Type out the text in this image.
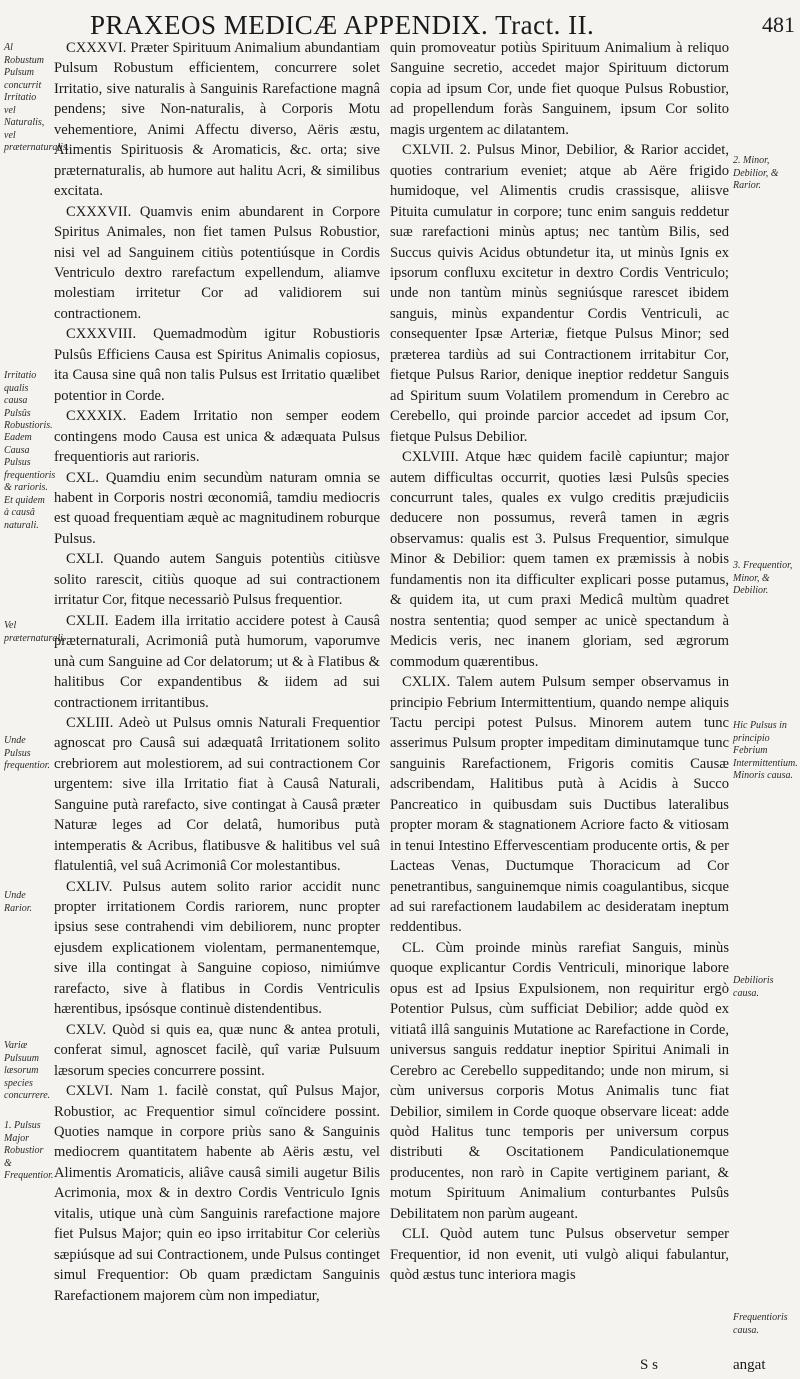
PRAXEOS MEDICÆ APPENDIX. Tract. II.	481
Al Robustum Pulsum concurrit Irritatio vel Naturalis, vel præternaturalis.
Irritatio qualis causa Pulsûs Robustioris.
Eadem Causa Pulsus frequentioris & rarioris. Et quidem à causâ naturali.
Vel præternaturali.
Unde Pulsus frequentior.
Unde Rarior.
Variæ Pulsuum læsorum species concurrere.
1. Pulsus Major Robustior & Frequentior.

CXXXVI. Præter Spirituum Animalium abundantiam Pulsum Robustum efficientem, concurrere solet Irritatio, sive naturalis à Sanguinis Rarefactione magnâ pendens; sive Non-naturalis, à Corporis Motu vehementiore, Animi Affectu diverso, Aëris æstu, Alimentis Spirituosis & Aromaticis, &c. orta; sive præternaturalis, ab humore aut halitu Acri, & similibus excitata.

CXXXVII. Quamvis enim abundarent in Corpore Spiritus Animales, non fiet tamen Pulsus Robustior, nisi vel ad Sanguinem citiùs potentiúsque in Cordis Ventriculo dextro rarefactum expellendum, aliamve molestiam irritetur Cor ad validiorem sui contractionem.

CXXXVIII. Quemadmodùm igitur Robustioris Pulsûs Efficiens Causa est Spiritus Animalis copiosus, ita Causa sine quâ non talis Pulsus est Irritatio quælibet potentior in Corde.

CXXXIX. Eadem Irritatio non semper eodem contingens modo Causa est unica & adæquata Pulsus frequentioris aut rarioris.

CXL. Quamdiu enim secundùm naturam omnia se habent in Corporis nostri œconomiâ, tamdiu mediocris est quoad frequentiam æquè ac magnitudinem roburque Pulsus.

CXLI. Quando autem Sanguis potentiùs citiùsve solito rarescit, citiùs quoque ad sui contractionem irritatur Cor, fitque necessariò Pulsus frequentior.

CXLII. Eadem illa irritatio accidere potest à Causâ præternaturali, Acrimoniâ putà humorum, vaporumve unà cum Sanguine ad Cor delatorum; ut & à Flatibus & halitibus Cor expandentibus & iidem ad sui contractionem irritantibus.

CXLIII. Adeò ut Pulsus omnis Naturali Frequentior agnoscat pro Causâ sui adæquatâ Irritationem solito crebriorem aut molestiorem, ad sui contractionem Cor urgentem: sive illa Irritatio fiat à Causâ Naturali, Sanguine putà rarefacto, sive contingat à Causâ præter Naturæ leges ad Cor delatâ, humoribus putà intemperatis & Acribus, flatibusve & halitibus vel suâ flatulentiâ, vel suâ Acrimoniâ Cor molestantibus.

CXLIV. Pulsus autem solito rarior accidit nunc propter irritationem Cordis rariorem, nunc propter ipsius sese contrahendi vim debiliorem, nunc propter ejusdem explicationem violentam, permanentemque, sive illa contingat à Sanguine copioso, nimiúmve rarefacto, sive à flatibus in Cordis Ventriculis hærentibus, ipsósque continuè distendentibus.

CXLV. Quòd si quis ea, quæ nunc & antea protuli, conferat simul, agnoscet facilè, quî variæ Pulsuum læsorum species concurrere possint.

CXLVI. Nam 1. facilè constat, quî Pulsus Major, Robustior, ac Frequentior simul coïncidere possint. Quoties namque in corpore priùs sano & Sanguinis mediocrem quantitatem habente ab Aëris æstu, vel Alimentis Aromaticis, aliâve causâ simili augetur Bilis Acrimonia, mox & in dextro Cordis Ventriculo Ignis vitalis, utique unà cùm Sanguinis rarefactione majore fiet Pulsus Major; quin eo ipso irritabitur Cor celeriùs sæpiúsque ad sui Contractionem, unde Pulsus continget simul Frequentior: Ob quam prædictam Sanguinis Rarefactionem majorem cùm non impediatur,

quin promoveatur potiùs Spirituum Animalium à reliquo Sanguine secretio, accedet major Spirituum dictorum copia ad ipsum Cor, unde fiet quoque Pulsus Robustior, ad propellendum foràs Sanguinem, ipsum Cor solito magis urgentem ac dilatantem.

CXLVII. 2. Pulsus Minor, Debilior, & Rarior accidet, quoties contrarium eveniet; atque ab Aëre frigido humidoque, vel Alimentis crudis crassisque, aliisve Pituita cumulatur in corpore; tunc enim sanguis reddetur suæ rarefactioni minùs aptus; nec tantùm Bilis, sed Succus quivis Acidus obtundetur ita, ut minùs Ignis ex ipsorum confluxu excitetur in dextro Cordis Ventriculo; unde non tantùm minùs segniúsque rarescet ibidem sanguis, minùs expandentur Cordis Ventriculi, ac consequenter Ipsæ Arteriæ, fietque Pulsus Minor; sed præterea tardiùs ad sui Contractionem irritabitur Cor, fietque Pulsus Rarior, denique ineptior reddetur Sanguis ad Spiritum suum Volatilem promendum in Cerebro ac Cerebello, qui proinde parcior accedet ad ipsum Cor, fietque Pulsus Debilior.

CXLVIII. Atque hæc quidem facilè capiuntur; major autem difficultas occurrit, quoties læsi Pulsûs species concurrunt tales, quales ex vulgo creditis præjudiciis deducere non possumus, reverâ tamen in ægris observamus: qualis est 3. Pulsus Frequentior, simulque Minor & Debilior: quem tamen ex præmissis à nobis fundamentis non ita difficulter explicari posse putamus, & quidem ita, ut cum praxi Medicâ multùm quadret nostra sententia; quod semper ac unicè spectandum à Medicis veris, nec inanem gloriam, sed ægrorum commodum quærentibus.

CXLIX. Talem autem Pulsum semper observamus in principio Febrium Intermittentium, quando nempe aliquis Tactu percipi potest Pulsus. Minorem autem tunc asserimus Pulsum propter impeditam diminutamque tunc sanguinis Rarefactionem, Frigoris comitis Causæ adscribendam, Halitibus putà à Acidis à Succo Pancreatico in quibusdam suis Ductibus lateralibus propter moram & stagnationem Acriore facto & vitiosam in tenui Intestino Effervescentiam producente ortis, & per Lacteas Venas, Ductumque Thoracicum ad Cor penetrantibus, sanguinemque nimis coagulantibus, sicque ad sui rarefactionem laudabilem ac desideratam ineptum reddentibus.

CL. Cùm proinde minùs rarefiat Sanguis, minùs quoque explicantur Cordis Ventriculi, minorique labore opus est ad Ipsius Expulsionem, non requiritur ergò Potentior Pulsus, cùm sufficiat Debilior; adde quòd ex vitiatâ illâ sanguinis Mutatione ac Rarefactione in Corde, universus sanguis reddatur ineptior Spiritui Animali in Cerebro ac Cerebello suppeditando; unde non mirum, si cùm universus corporis Motus Animalis tunc fiat Debilior, similem in Corde quoque observare liceat: adde quòd Halitus tunc temporis per universum corpus distributi & Oscitationem Pandiculationemque producentes, non rarò in Capite vertiginem pariant, & motum Spirituum Animalium conturbantes Pulsûs Debilitatem non parùm augeant.

CLI. Quòd autem tunc Pulsus observetur semper Frequentior, id non evenit, uti vulgò aliqui fabulantur, quòd æstus tunc interiora magis

2. Minor, Debilior, & Rarior.
3. Frequentior, Minor, & Debilior.
Hic Pulsus in principio Febrium Intermittentium. Minoris causa.
Debilioris causa.
Frequentioris causa.
S s	angat
